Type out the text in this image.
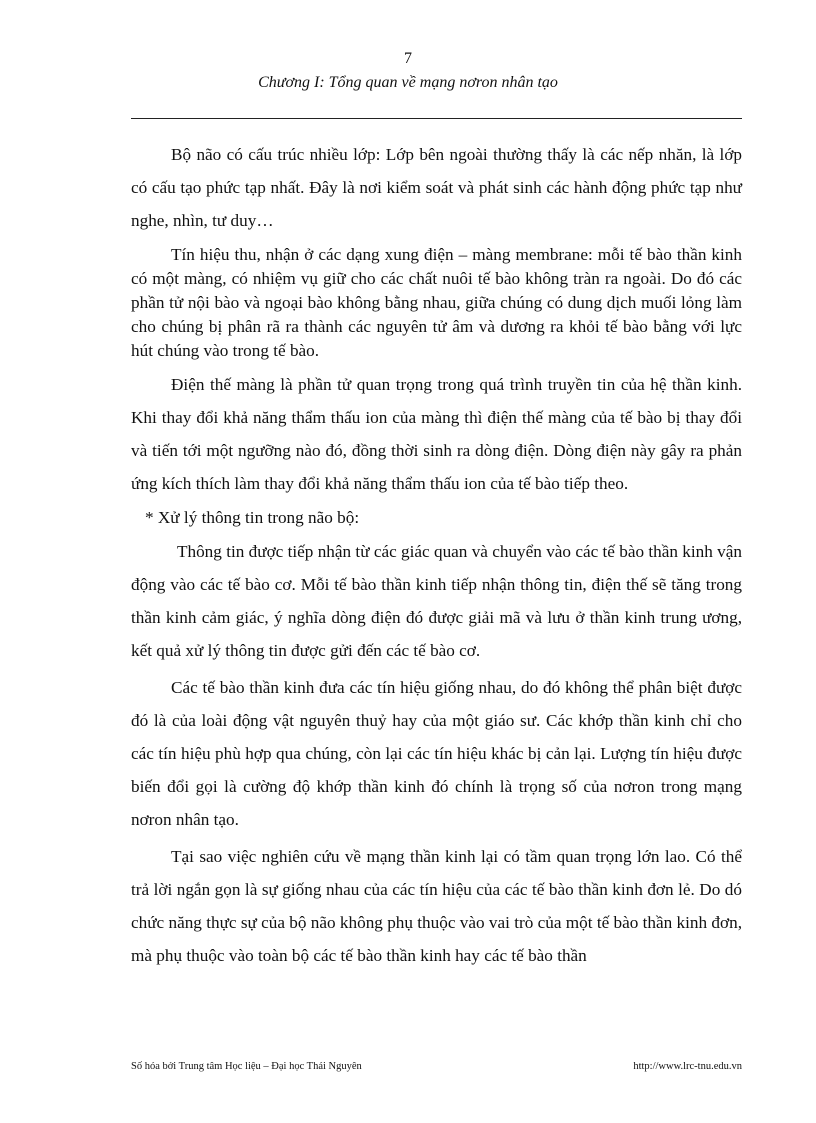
7
Chương I: Tổng quan về mạng nơron nhân tạo

Bộ não có cấu trúc nhiều lớp: Lớp bên ngoài thường thấy là các nếp nhăn, là lớp có cấu tạo phức tạp nhất. Đây là nơi kiểm soát và phát sinh các hành động phức tạp như nghe, nhìn, tư duy…

Tín hiệu thu, nhận ở các dạng xung điện – màng membrane: mỗi tế bào thần kinh có một màng, có nhiệm vụ giữ cho các chất nuôi tế bào không tràn ra ngoài. Do đó các phần tử nội bào và ngoại bào không bằng nhau, giữa chúng có dung dịch muối lỏng làm cho chúng bị phân rã ra thành các nguyên tử âm và dương ra khỏi tế bào bằng với lực hút chúng vào trong tế bào.

Điện thế màng là phần tử quan trọng trong quá trình truyền tin của hệ thần kinh. Khi thay đổi khả năng thẩm thấu ion của màng thì điện thế màng của tế bào bị thay đổi và tiến tới một ngưỡng nào đó, đồng thời sinh ra dòng điện. Dòng điện này gây ra phản ứng kích thích làm thay đổi khả năng thẩm thấu ion của tế bào tiếp theo.

* Xử lý thông tin trong não bộ:

Thông tin được tiếp nhận từ các giác quan và chuyển vào các tế bào thần kinh vận động vào các tế bào cơ. Mỗi tế bào thần kinh tiếp nhận thông tin, điện thế sẽ tăng trong thần kinh cảm giác, ý nghĩa dòng điện đó được giải mã và lưu ở thần kinh trung ương, kết quả xử lý thông tin được gửi đến các tế bào cơ.

Các tế bào thần kinh đưa các tín hiệu giống nhau, do đó không thể phân biệt được đó là của loài động vật nguyên thuỷ hay của một giáo sư. Các khớp thần kinh chỉ cho các tín hiệu phù hợp qua chúng, còn lại các tín hiệu khác bị cản lại. Lượng tín hiệu được biến đổi gọi là cường độ khớp thần kinh đó chính là trọng số của nơron trong mạng nơron nhân tạo.

Tại sao việc nghiên cứu về mạng thần kinh lại có tầm quan trọng lớn lao. Có thể trả lời ngắn gọn là sự giống nhau của các tín hiệu của các tế bào thần kinh đơn lẻ. Do dó chức năng thực sự của bộ não không phụ thuộc vào vai trò của một tế bào thần kinh đơn, mà phụ thuộc vào toàn bộ các tế bào thần kinh hay các tế bào thần

Số hóa bởi Trung tâm Học liệu – Đại học Thái Nguyên	http://www.lrc-tnu.edu.vn
